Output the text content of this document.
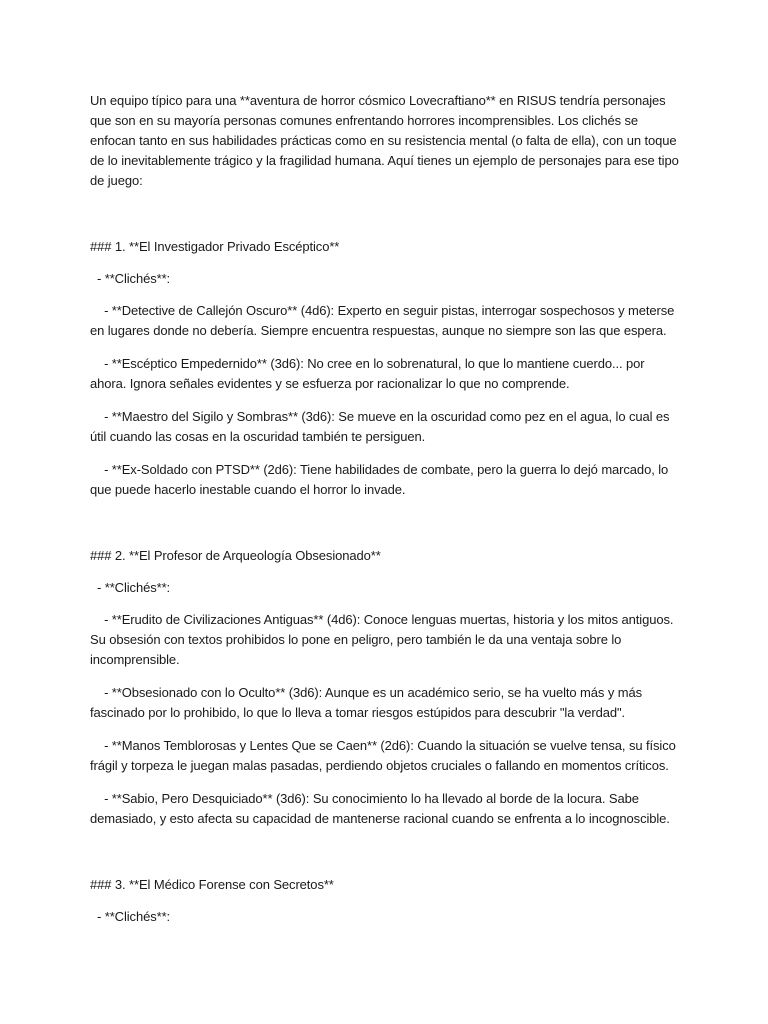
Un equipo típico para una **aventura de horror cósmico Lovecraftiano** en RISUS tendría personajes que son en su mayoría personas comunes enfrentando horrores incomprensibles. Los clichés se enfocan tanto en sus habilidades prácticas como en su resistencia mental (o falta de ella), con un toque de lo inevitablemente trágico y la fragilidad humana. Aquí tienes un ejemplo de personajes para ese tipo de juego:

### 1. **El Investigador Privado Escéptico**

- **Clichés**:

- **Detective de Callejón Oscuro** (4d6): Experto en seguir pistas, interrogar sospechosos y meterse en lugares donde no debería. Siempre encuentra respuestas, aunque no siempre son las que espera.

- **Escéptico Empedernido** (3d6): No cree en lo sobrenatural, lo que lo mantiene cuerdo... por ahora. Ignora señales evidentes y se esfuerza por racionalizar lo que no comprende.

- **Maestro del Sigilo y Sombras** (3d6): Se mueve en la oscuridad como pez en el agua, lo cual es útil cuando las cosas en la oscuridad también te persiguen.

- **Ex-Soldado con PTSD** (2d6): Tiene habilidades de combate, pero la guerra lo dejó marcado, lo que puede hacerlo inestable cuando el horror lo invade.

### 2. **El Profesor de Arqueología Obsesionado**

- **Clichés**:

- **Erudito de Civilizaciones Antiguas** (4d6): Conoce lenguas muertas, historia y los mitos antiguos. Su obsesión con textos prohibidos lo pone en peligro, pero también le da una ventaja sobre lo incomprensible.

- **Obsesionado con lo Oculto** (3d6): Aunque es un académico serio, se ha vuelto más y más fascinado por lo prohibido, lo que lo lleva a tomar riesgos estúpidos para descubrir "la verdad".

- **Manos Temblorosas y Lentes Que se Caen** (2d6): Cuando la situación se vuelve tensa, su físico frágil y torpeza le juegan malas pasadas, perdiendo objetos cruciales o fallando en momentos críticos.

- **Sabio, Pero Desquiciado** (3d6): Su conocimiento lo ha llevado al borde de la locura. Sabe demasiado, y esto afecta su capacidad de mantenerse racional cuando se enfrenta a lo incognoscible.

### 3. **El Médico Forense con Secretos**

- **Clichés**:
